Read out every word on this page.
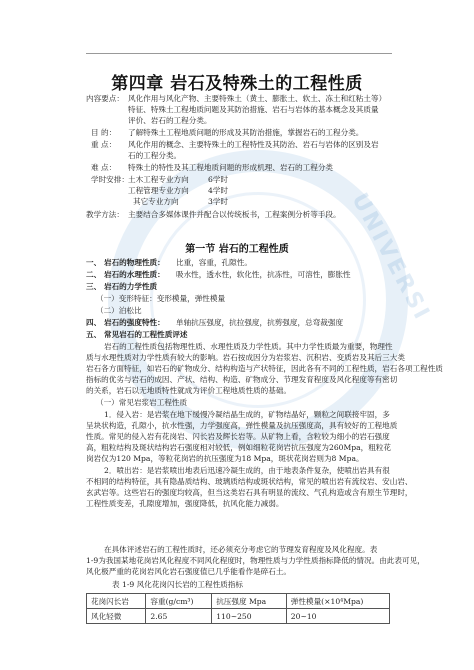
UNIVERSI
第四章 岩石及特殊土的工程性质
内容要点： 风化作用与风化产物、主要特殊土（黄土、膨胀土、软土、冻土和红粘土等）
特征、特殊土工程地质问题及其防治措施、岩石与岩体的基本概念及其质量
评价、岩石的工程分类。
目 的： 了解特殊土工程地质问题的形成及其防治措施，掌握岩石的工程分类。
重 点： 风化作用的概念、主要特殊土的工程特性及其防治、岩石与岩体的区别及岩
石的工程分类。
难 点： 特殊土的特性及其工程地质问题的形成机理、岩石的工程分类
学时安排： 土木工程专业方向	6学时
工程管理专业方向	4学时
其它专业方向	3学时
教学方法： 主要结合多媒体课件并配合以传统板书，工程案例分析等手段。
第一节 岩石的工程性质
一、 岩石的物理性质： 比重，容重，孔隙性。
二、 岩石的水理性质： 吸水性，透水性，软化性，抗冻性，可溶性，膨胀性
三、 岩石的力学性质
（一）变形特征：变形模量，弹性模量
（二）泊松比
四、 岩石的强度特性： 单轴抗压强度，抗拉强度，抗剪强度，总弯裁强度
五、 常见岩石的工程性质评述
岩石的工程性质包括物理性质、水理性质及力学性质。其中力学性质最为重要，物理性
质与水理性质对力学性质有较大的影响。岩石按成因分为岩浆岩、沉积岩、变质岩及其后三大类
岩石各方面特征，如岩石的矿物成分、结构构造与产状特征，因此各有不同的工程性质，岩石各项工程性质
指标的优劣与岩石的成因、产状、结构、构造、矿物成分、节理发育程度及风化程度等有密切
的关系，岩石以无地质特性就成为评价工程地质性质的基础。
（一）常见岩浆岩工程性质
1．侵入岩：是岩浆在地下缓慢冷凝结晶生成的，矿物结晶好，颗粒之间联接牢固，多
呈块状构造，孔隙小，抗水性强，力学强度高，弹性模量及抗压强度高，具有较好的工程地质
性质。常见的侵入岩有花岗岩、闪长岩及辉长岩等。从矿物上看，含粒较为细小的岩石强度
高，粗粒结构及斑状结构岩石强度相对较低，例如细粒花岗岩抗压强度为260Mpa，粗粒花
岗岩仅为120 Mpa，等粒花岗岩的抗压强度为18 Mpa，斑状花岗岩则为8 Mpa。
2．喷出岩：是岩浆喷出地表后迅速冷凝生成的，由于地表条件复杂，使喷出岩具有很
不相同的结构特征，具有隐晶质结构、玻璃质结构或斑状结构，常见的喷出岩有流纹岩、安山岩、
玄武岩等。这些岩石的强度均较高，但当这类岩石具有明显的流纹、气孔构造或含有原生节理时，
工程性质变差，孔隙度增加，强度降低，抗风化能力减弱。
在具体评述岩石的工程性质时，还必须充分考虑它的节理发育程度及风化程度。表
1-9为我国某地花岗岩风化程度不同风化程度时，物理性质与力学性质指标降低的情况。由此表可见，
风化极严重的花岗岩风化岩石强度值已几乎能看作是碎石土。
表 1-9 风化花岗闪长岩的工程性质指标
花岗闪长岩	容重(g/cm³)	抗压强度 Mpa	弹性模量(×10⁴Mpa)
风化轻微	2.65	110~250	20~10
